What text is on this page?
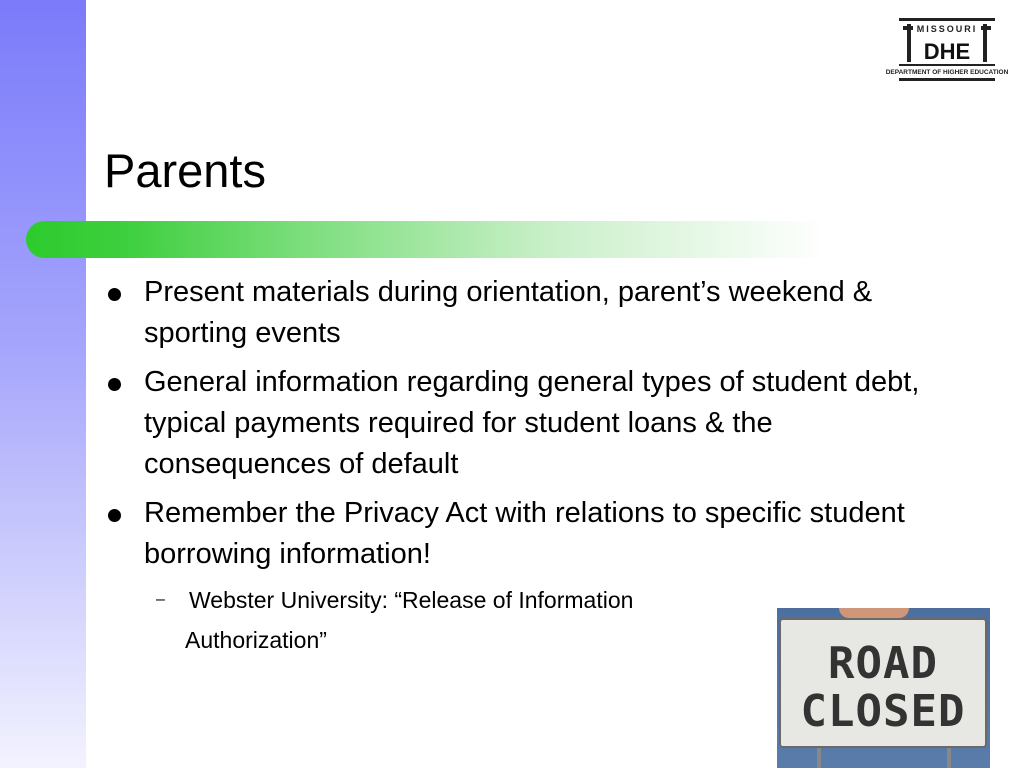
MISSOURI
DHE
DEPARTMENT OF HIGHER EDUCATION
Parents
Present materials during orientation, parent’s weekend & sporting events
General information regarding general types of student debt, typical payments required for student loans & the consequences of default
Remember the Privacy Act with relations to specific student borrowing information!
–	Webster University: “Release of Information
Authorization”	ROAD
CLOSED
